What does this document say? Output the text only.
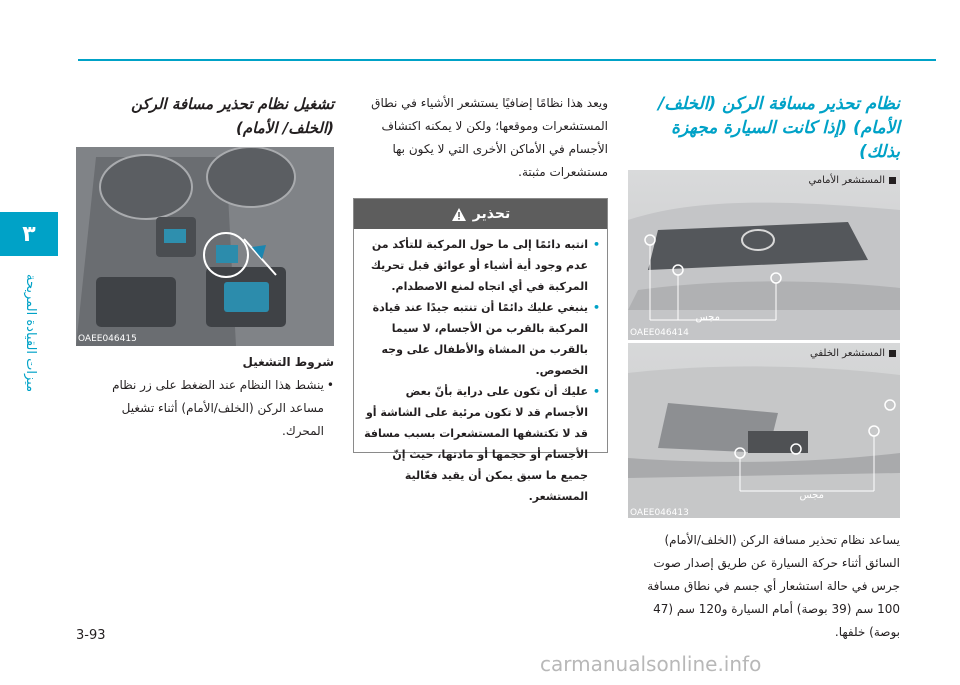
٣
ميزات القيادة المريحة
نظام تحذير مسافة الركن (الخلف/ الأمام) (إذا كانت السيارة مجهزة بذلك)
المستشعر الأمامي
مجس
OAEE046414
المستشعر الخلفي
مجس
OAEE046413
يساعد نظام تحذير مسافة الركن (الخلف/الأمام) السائق أثناء حركة السيارة عن طريق إصدار صوت جرس في حالة استشعار أي جسم في نطاق مسافة 100 سم (39 بوصة) أمام السيارة و120 سم (47 بوصة) خلفها.
ويعد هذا نظامًا إضافيًا يستشعر الأشياء في نطاق المستشعرات وموقعها؛ ولكن لا يمكنه اكتشاف الأجسام في الأماكن الأخرى التي لا يكون بها مستشعرات مثبتة.
تحذير
• انتبه دائمًا إلى ما حول المركبة للتأكد من عدم وجود أية أشياء أو عوائق قبل تحريك المركبة في أي اتجاه لمنع الاصطدام.
• ينبغي عليك دائمًا أن تنتبه جيدًا عند قيادة المركبة بالقرب من الأجسام، لا سيما بالقرب من المشاة والأطفال على وجه الخصوص.
• عليك أن تكون على دراية بأنّ بعض الأجسام قد لا تكون مرئية على الشاشة أو قد لا تكتشفها المستشعرات بسبب مسافة الأجسام أو حجمها أو مادتها، حيث إنّ جميع ما سبق يمكن أن يقيد فعّالية المستشعر.
تشغيل نظام تحذير مسافة الركن (الخلف/ الأمام)
OAEE046415
شروط التشغيل
•
ينشط هذا النظام عند الضغط على زر نظام مساعد الركن (الخلف/الأمام) أثناء تشغيل المحرك.
3-93
carmanualsonline.info
